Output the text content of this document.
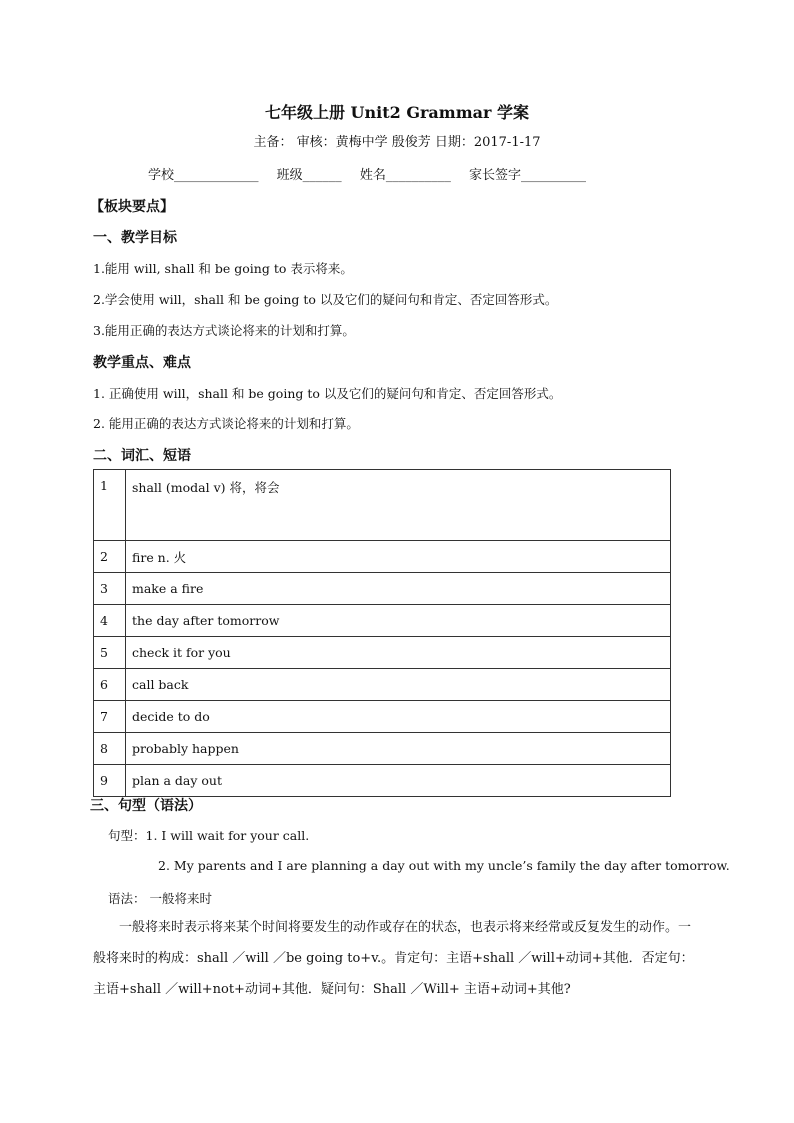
七年级上册 Unit2 Grammar 学案
主备： 审核：黄梅中学 殷俊芳 日期：2017-1-17
学校_____________ 班级______ 姓名__________ 家长签字__________
【板块要点】
一、教学目标
1.能用 will, shall 和 be going to 表示将来。
2.学会使用 will，shall 和 be going to 以及它们的疑问句和肯定、否定回答形式。
3.能用正确的表达方式谈论将来的计划和打算。
教学重点、难点
1. 正确使用 will，shall 和 be going to 以及它们的疑问句和肯定、否定回答形式。
2. 能用正确的表达方式谈论将来的计划和打算。
二、词汇、短语
1	shall (modal v) 将，将会
2	fire n. 火
3	make a fire
4	the day after tomorrow
5	check it for you
6	call back
7	decide to do
8	probably happen
9	plan a day out
三、句型（语法）
句型：1. I will wait for your call.
2. My parents and I are planning a day out with my uncle’s family the day after tomorrow.
语法： 一般将来时
一般将来时表示将来某个时间将要发生的动作或存在的状态，也表示将来经常或反复发生的动作。一般将来时的构成：shall ／will ／be going to+v.。肯定句：主语+shall ／will+动词+其他．否定句：主语+shall ／will+not+动词+其他．疑问句：Shall ／Will+ 主语+动词+其他?
